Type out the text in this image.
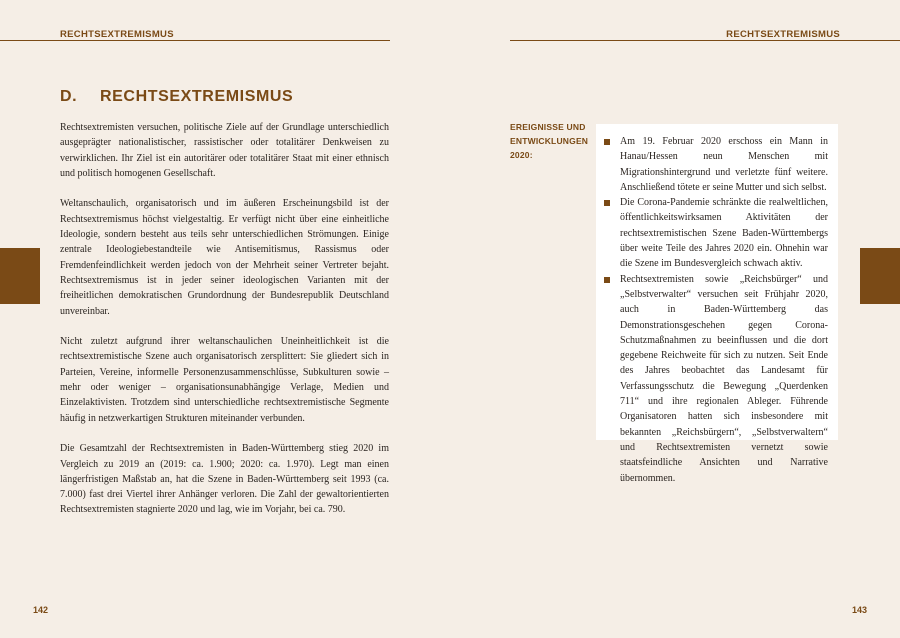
RECHTSEXTREMISMUS	RECHTSEXTREMISMUS
D.	RECHTSEXTREMISMUS

Rechtsextremisten versuchen, politische Ziele auf der Grundlage unterschiedlich ausgeprägter nationalistischer, rassistischer oder totalitärer Denkweisen zu verwirklichen. Ihr Ziel ist ein autoritärer oder totalitärer Staat mit einer ethnisch und politisch homogenen Gesellschaft.

Weltanschaulich, organisatorisch und im äußeren Erscheinungsbild ist der Rechtsextremismus höchst vielgestaltig. Er verfügt nicht über eine einheitliche Ideologie, sondern besteht aus teils sehr unterschiedlichen Strömungen. Einige zentrale Ideologiebestandteile wie Antisemitismus, Rassismus oder Fremdenfeindlichkeit werden jedoch von der Mehrheit seiner Vertreter bejaht. Rechtsextremismus ist in jeder seiner ideologischen Varianten mit der freiheitlichen demokratischen Grundordnung der Bundesrepublik Deutschland unvereinbar.

Nicht zuletzt aufgrund ihrer weltanschaulichen Uneinheitlichkeit ist die rechtsextremistische Szene auch organisatorisch zersplittert: Sie gliedert sich in Parteien, Vereine, informelle Personenzusammenschlüsse, Subkulturen sowie – mehr oder weniger – organisationsunabhängige Verlage, Medien und Einzelaktivisten. Trotzdem sind unterschiedliche rechtsextremistische Segmente häufig in netzwerkartigen Strukturen miteinander verbunden.

Die Gesamtzahl der Rechtsextremisten in Baden-Württemberg stieg 2020 im Vergleich zu 2019 an (2019: ca. 1.900; 2020: ca. 1.970). Legt man einen längerfristigen Maßstab an, hat die Szene in Baden-Württemberg seit 1993 (ca. 7.000) fast drei Viertel ihrer Anhänger verloren. Die Zahl der gewaltorientierten Rechtsextremisten stagnierte 2020 und lag, wie im Vorjahr, bei ca. 790.

EREIGNISSE UND
ENTWICKLUNGEN
2020:
Am 19. Februar 2020 erschoss ein Mann in Hanau/Hessen neun Menschen mit Migrationshintergrund und verletzte fünf weitere. Anschließend tötete er seine Mutter und sich selbst.
Die Corona-Pandemie schränkte die realweltlichen, öffentlichkeitswirksamen Aktivitäten der rechtsextremistischen Szene Baden-Württembergs über weite Teile des Jahres 2020 ein. Ohnehin war die Szene im Bundesvergleich schwach aktiv.
Rechtsextremisten sowie „Reichsbürger“ und „Selbstverwalter“ versuchen seit Frühjahr 2020, auch in Baden-Württemberg das Demonstrationsgeschehen gegen Corona-Schutzmaßnahmen zu beeinflussen und die dort gegebene Reichweite für sich zu nutzen. Seit Ende des Jahres beobachtet das Landesamt für Verfassungsschutz die Bewegung „Querdenken 711“ und ihre regionalen Ableger. Führende Organisatoren hatten sich insbesondere mit bekannten „Reichsbürgern“, „Selbstverwaltern“ und Rechtsextremisten vernetzt sowie staatsfeindliche Ansichten und Narrative übernommen.
142	143
